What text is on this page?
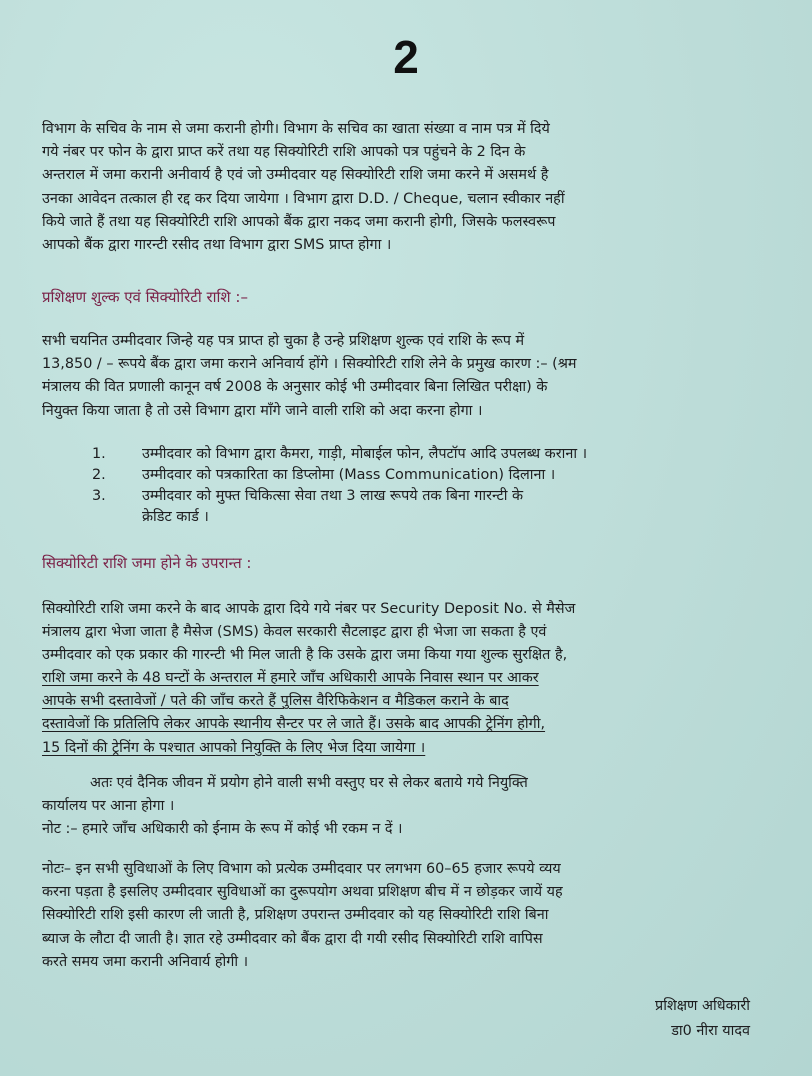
2
विभाग के सचिव के नाम से जमा करानी होगी। विभाग के सचिव का खाता संख्या व नाम पत्र में दिये
गये नंबर पर फोन के द्वारा प्राप्त करें तथा यह सिक्योरिटी राशि आपको पत्र पहुंचने के 2 दिन के
अन्तराल में जमा करानी अनीवार्य है एवं जो उम्मीदवार यह सिक्योरिटी राशि जमा करने में असमर्थ है
उनका आवेदन तत्काल ही रद्द कर दिया जायेगा । विभाग द्वारा D.D. / Cheque, चलान स्वीकार नहीं
किये जाते हैं तथा यह सिक्योरिटी राशि आपको बैंक द्वारा नकद जमा करानी होगी, जिसके फलस्वरूप
आपको बैंक द्वारा गारन्टी रसीद तथा विभाग द्वारा SMS प्राप्त होगा ।
प्रशिक्षण शुल्क एवं सिक्योरिटी राशि :–
सभी चयनित उम्मीदवार जिन्हे यह पत्र प्राप्त हो चुका है उन्हे प्रशिक्षण शुल्क एवं राशि के रूप में
13,850 / – रूपये बैंक द्वारा जमा कराने अनिवार्य होंगे । सिक्योरिटी राशि लेने के प्रमुख कारण :– (श्रम
मंत्रालय की वित प्रणाली कानून वर्ष 2008 के अनुसार कोई भी उम्मीदवार बिना लिखित परीक्षा) के
नियुक्त किया जाता है तो उसे विभाग द्वारा माँगे जाने वाली राशि को अदा करना होगा ।
1.	उम्मीदवार को विभाग द्वारा कैमरा, गाड़ी, मोबाईल फोन, लैपटॉप आदि उपलब्ध कराना ।
2.	उम्मीदवार को पत्रकारिता का डिप्लोमा (Mass Communication) दिलाना ।
3.	उम्मीदवार को मुफ्त चिकित्सा सेवा तथा 3 लाख रूपये तक बिना गारन्टी के
क्रेडिट कार्ड ।
सिक्योरिटी राशि जमा होने के उपरान्त :
सिक्योरिटी राशि जमा करने के बाद आपके द्वारा दिये गये नंबर पर Security Deposit No. से मैसेज
मंत्रालय द्वारा भेजा जाता है मैसेज (SMS) केवल सरकारी सैटलाइट द्वारा ही भेजा जा सकता है एवं
उम्मीदवार को एक प्रकार की गारन्टी भी मिल जाती है कि उसके द्वारा जमा किया गया शुल्क सुरक्षित है,
राशि जमा करने के 48 घन्टों के अन्तराल में हमारे जाँच अधिकारी आपके निवास स्थान पर आकर
आपके सभी दस्तावेजों / पते की जाँच करते हैं पुलिस वैरिफिकेशन व मैडिकल कराने के बाद
दस्तावेजों कि प्रतिलिपि लेकर आपके स्थानीय सैन्टर पर ले जाते हैं। उसके बाद आपकी ट्रेनिंग होगी,
15 दिनों की ट्रेनिंग के पश्चात आपको नियुक्ति के लिए भेज दिया जायेगा ।
अतः एवं दैनिक जीवन में प्रयोग होने वाली सभी वस्तुए घर से लेकर बताये गये नियुक्ति
कार्यालय पर आना होगा ।
नोट :– हमारे जाँच अधिकारी को ईनाम के रूप में कोई भी रकम न दें ।
नोटः– इन सभी सुविधाओं के लिए विभाग को प्रत्येक उम्मीदवार पर लगभग 60–65 हजार रूपये व्यय
करना पड़ता है इसलिए उम्मीदवार सुविधाओं का दुरूपयोग अथवा प्रशिक्षण बीच में न छोड़कर जायें यह
सिक्योरिटी राशि इसी कारण ली जाती है, प्रशिक्षण उपरान्त उम्मीदवार को यह सिक्योरिटी राशि बिना
ब्याज के लौटा दी जाती है। ज्ञात रहे उम्मीदवार को बैंक द्वारा दी गयी रसीद सिक्योरिटी राशि वापिस
करते समय जमा करानी अनिवार्य होगी ।
प्रशिक्षण अधिकारी
डा0 नीरा यादव
